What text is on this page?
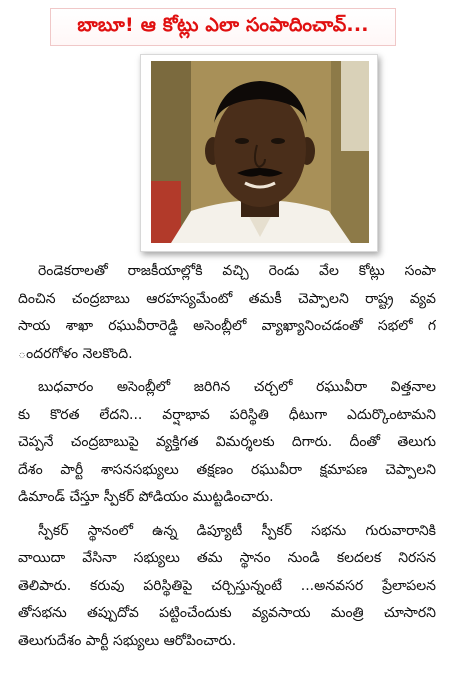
బాబూ! ఆ కోట్లు ఎలా సంపాదించావ్...
రెండెకరాలతో రాజకీయాల్లోకి వచ్చి రెండు వేల కోట్లు సంపా
దించిన చంద్రబాబు ఆరహస్యమేంటో తమకీ చెప్పాలని రాష్ట్ర వ్యవ
సాయ శాఖా రఘువీరారెడ్డి అసెంబ్లీలో వ్యాఖ్యానించడంతో సభలో గ
ందరగోళం నెలకొంది.
బుధవారం అసెంబ్లీలో జరిగిన చర్చలో రఘువీరా విత్తనాల
కు కొరత లేదని... వర్షాభావ పరిస్థితి ధీటుగా ఎదుర్కొంటామని
చెప్పనే చంద్రబాబుపై వ్యక్తిగత విమర్శలకు దిగారు. దీంతో తెలుగు
దేశం పార్టీ శాసనసభ్యులు తక్షణం రఘువీరా క్షమాపణ చెప్పాలని
డిమాండ్ చేస్తూ స్పీకర్ పోడియం ముట్టడించారు.
స్పీకర్ స్థానంలో ఉన్న డిప్యూటీ స్పీకర్ సభను గురువారానికి
వాయిదా వేసినా సభ్యులు తమ స్థానం నుండి కలదలక నిరసన
తెలిపారు. కరువు పరిస్థితిపై చర్చిస్తున్నంటే ...అనవసర ప్రేలాపలన
తోసభను తప్పుదోవ పట్టించేందుకు వ్యవసాయ మంత్రి చూసారని
తెలుగుదేశం పార్టీ సభ్యులు ఆరోపించారు.
